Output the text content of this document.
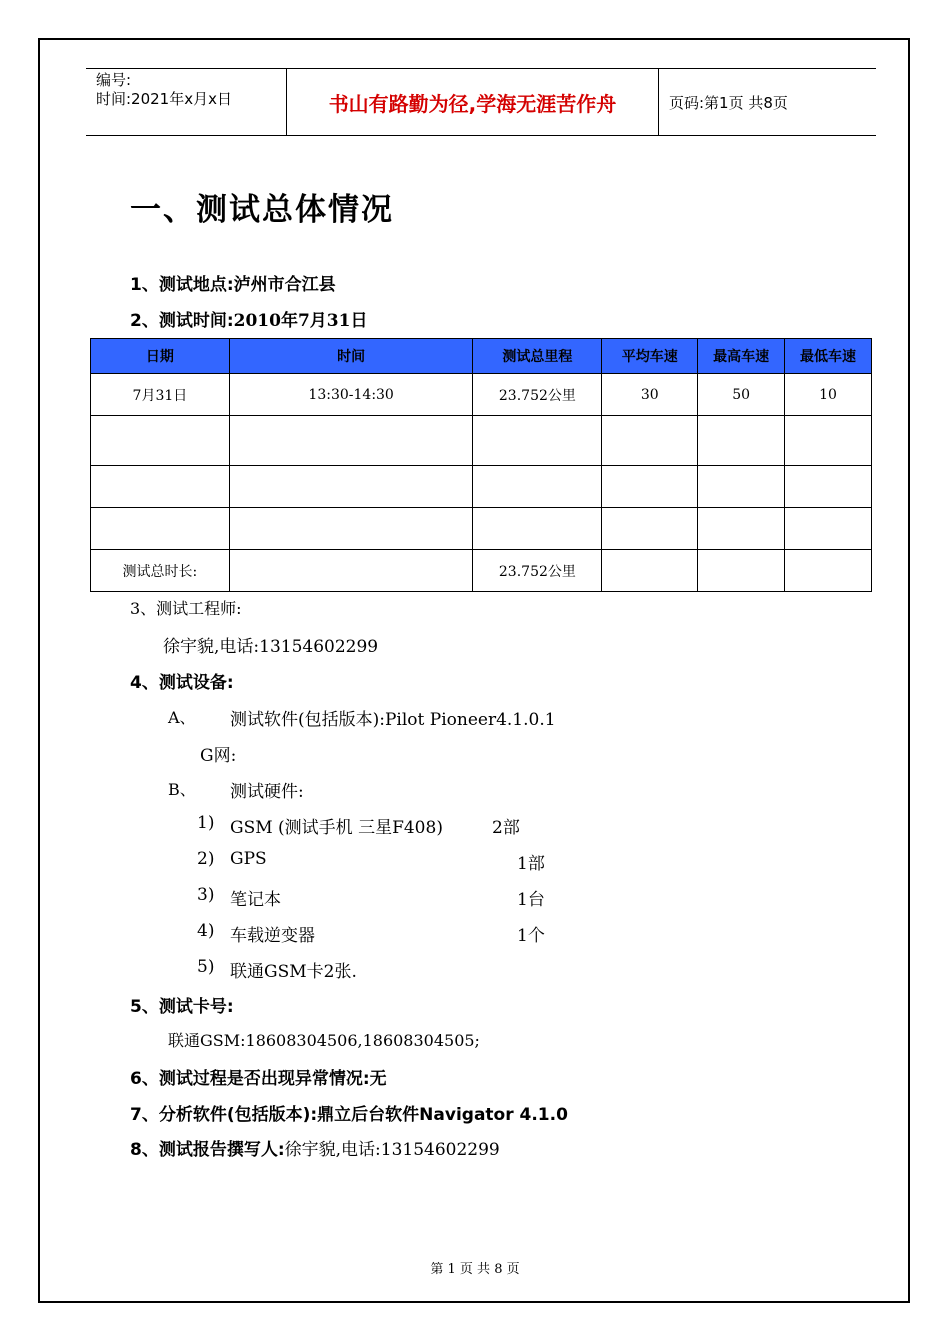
编号:
时间:2021年x月x日	书山有路勤为径,学海无涯苦作舟	页码:第1页 共8页
一、测试总体情况
1、测试地点:泸州市合江县
2、测试时间:2010年7月31日
日期	时间	测试总里程	平均车速	最高车速	最低车速
7月31日	13:30-14:30	23.752公里	30	50	10

测试总时长:		23.752公里			
3、测试工程师:
徐宇貌,电话:13154602299
4、测试设备:
A、 测试软件(包括版本):Pilot Pioneer4.1.0.1
G网:
B、 测试硬件:
1) GSM (测试手机 三星F408)	2部
2) GPS	1部
3) 笔记本	1台
4) 车载逆变器	1个
5) 联通GSM卡2张.
5、测试卡号:
联通GSM:18608304506,18608304505;
6、测试过程是否出现异常情况:无
7、分析软件(包括版本):鼎立后台软件Navigator 4.1.0
8、测试报告撰写人:徐宇貌,电话:13154602299
第 1 页 共 8 页
